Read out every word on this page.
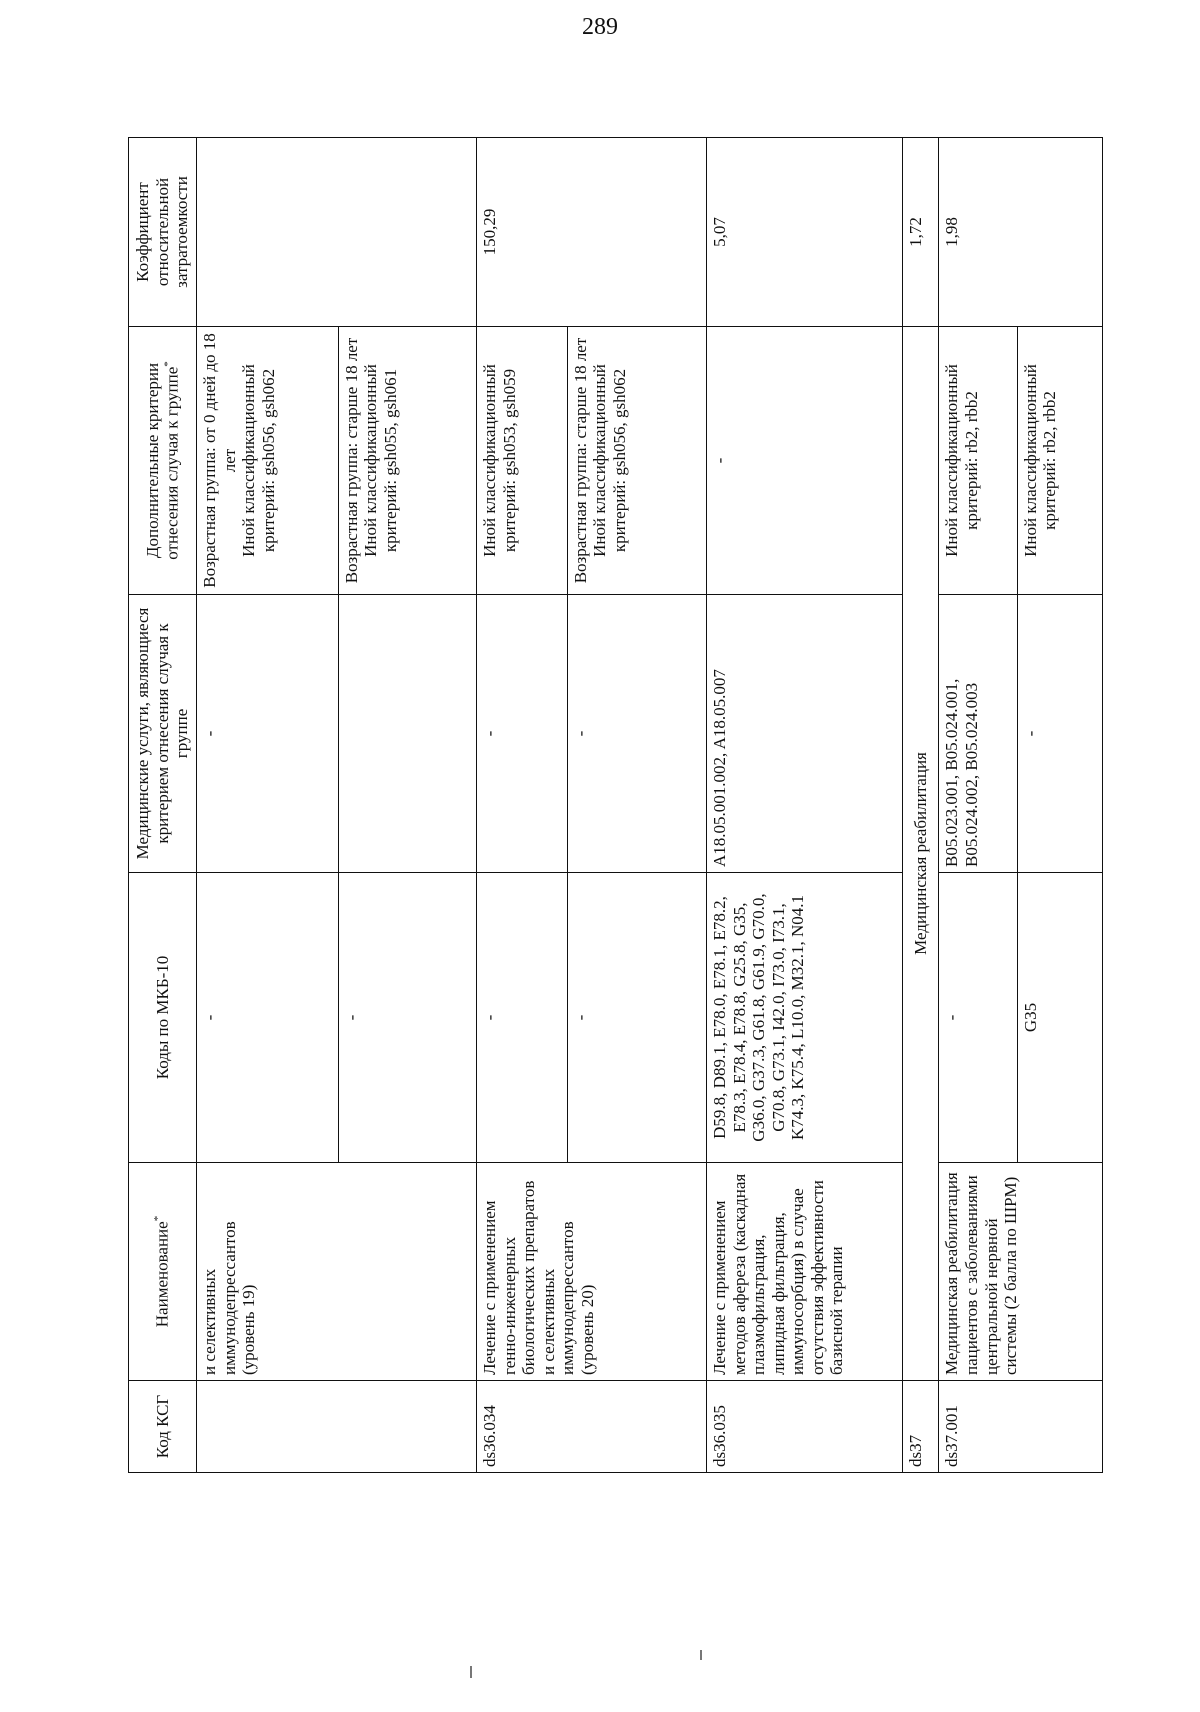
289
Код КСГ	Наименование*	Коды по МКБ-10	Медицинские услуги, являющиеся критерием отнесения случая к группе	Дополнительные критерии отнесения случая к группе*	Коэффициент относительной затратоемкости
	и селективных иммунодепрессантов (уровень 19)	-	-	Возрастная группа: от 0 дней до 18 лет
Иной классификационный критерий: gsh056, gsh062	
		-		Возрастная группа: старше 18 лет
Иной классификационный критерий: gsh055, gsh061	
ds36.034	Лечение с применением генно-инженерных биологических препаратов и селективных иммунодепрессантов (уровень 20)	-	-	Иной классификационный критерий: gsh053, gsh059	150,29
		-	-	Возрастная группа: старше 18 лет
Иной классификационный критерий: gsh056, gsh062	
ds36.035	Лечение с применением методов афереза (каскадная плазмофильтрация, липидная фильтрация, иммуносорбция) в случае отсутствия эффективности базисной терапии	D59.8, D89.1, E78.0, E78.1, E78.2, E78.3, E78.4, E78.8, G25.8, G35, G36.0, G37.3, G61.8, G61.9, G70.0, G70.8, G73.1, I42.0, I73.0, I73.1, K74.3, K75.4, L10.0, M32.1, N04.1	A18.05.001.002, A18.05.007	-	5,07
ds37	Медицинская реабилитация				1,72
ds37.001	Медицинская реабилитация пациентов с заболеваниями центральной нервной системы (2 балла по ШРМ)	-	B05.023.001, B05.024.001, B05.024.002, B05.024.003	Иной классификационный критерий: rb2, rbb2	1,98
		G35	-	Иной классификационный критерий: rb2, rbb2	
